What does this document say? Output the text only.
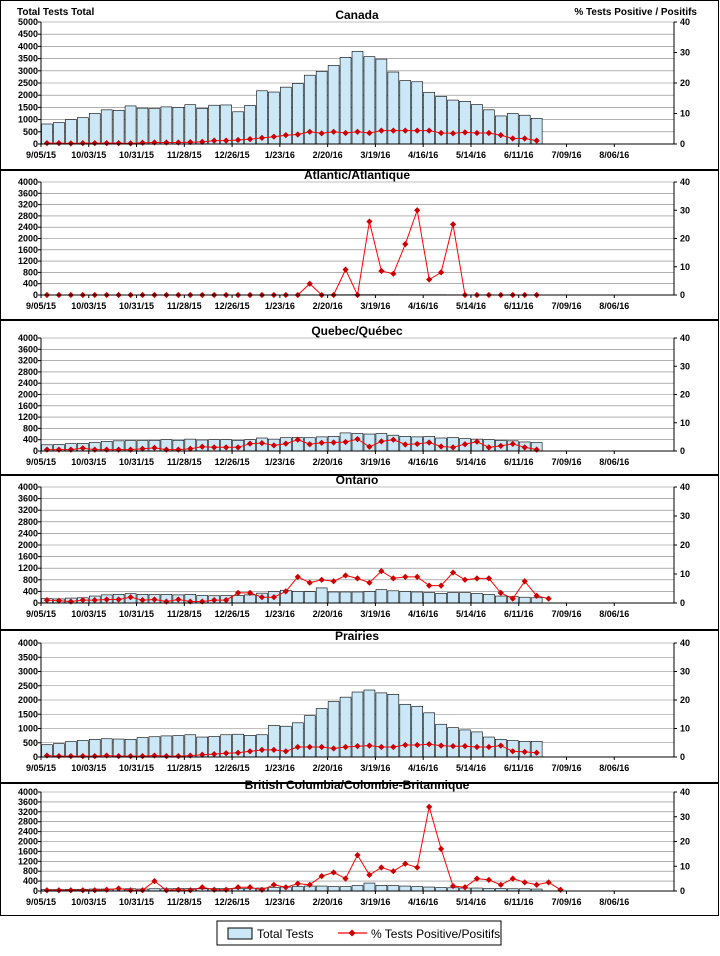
Total Tests Total	% Tests Positive / Positifs
0
500
1000
1500
2000
2500
3000
3500
4000
4500
5000
0
10
20
30
40
9/05/15 10/03/15 10/31/15 11/28/15 12/26/15 1/23/16 2/20/16 3/19/16 4/16/16 5/14/16 6/11/16 7/09/16 8/06/16
Canada
0
400
800
1200
1600
2000
2400
2800
3200
3600
4000
0
10
20
30
40
9/05/15 10/03/15 10/31/15 11/28/15 12/26/15 1/23/16 2/20/16 3/19/16 4/16/16 5/14/16 6/11/16 7/09/16 8/06/16
Atlantic/Atlantique
0
400
800
1200
1600
2000
2400
2800
3200
3600
4000
0
10
20
30
40
9/05/15 10/03/15 10/31/15 11/28/15 12/26/15 1/23/16 2/20/16 3/19/16 4/16/16 5/14/16 6/11/16 7/09/16 8/06/16
Quebec/Québec
0
400
800
1200
1600
2000
2400
2800
3200
3600
4000
0
10
20
30
40
9/05/15 10/03/15 10/31/15 11/28/15 12/26/15 1/23/16 2/20/16 3/19/16 4/16/16 5/14/16 6/11/16 7/09/16 8/06/16
Ontario
0
500
1000
1500
2000
2500
3000
3500
4000
0
10
20
30
40
9/05/15 10/03/15 10/31/15 11/28/15 12/26/15 1/23/16 2/20/16 3/19/16 4/16/16 5/14/16 6/11/16 7/09/16 8/06/16
Prairies
0
400
800
1200
1600
2000
2400
2800
3200
3600
4000
0
10
20
30
40
9/05/15 10/03/15 10/31/15 11/28/15 12/26/15 1/23/16 2/20/16 3/19/16 4/16/16 5/14/16 6/11/16 7/09/16 8/06/16
British Columbia/Colombie-Britannique
Total Tests	% Tests Positive/Positifs
